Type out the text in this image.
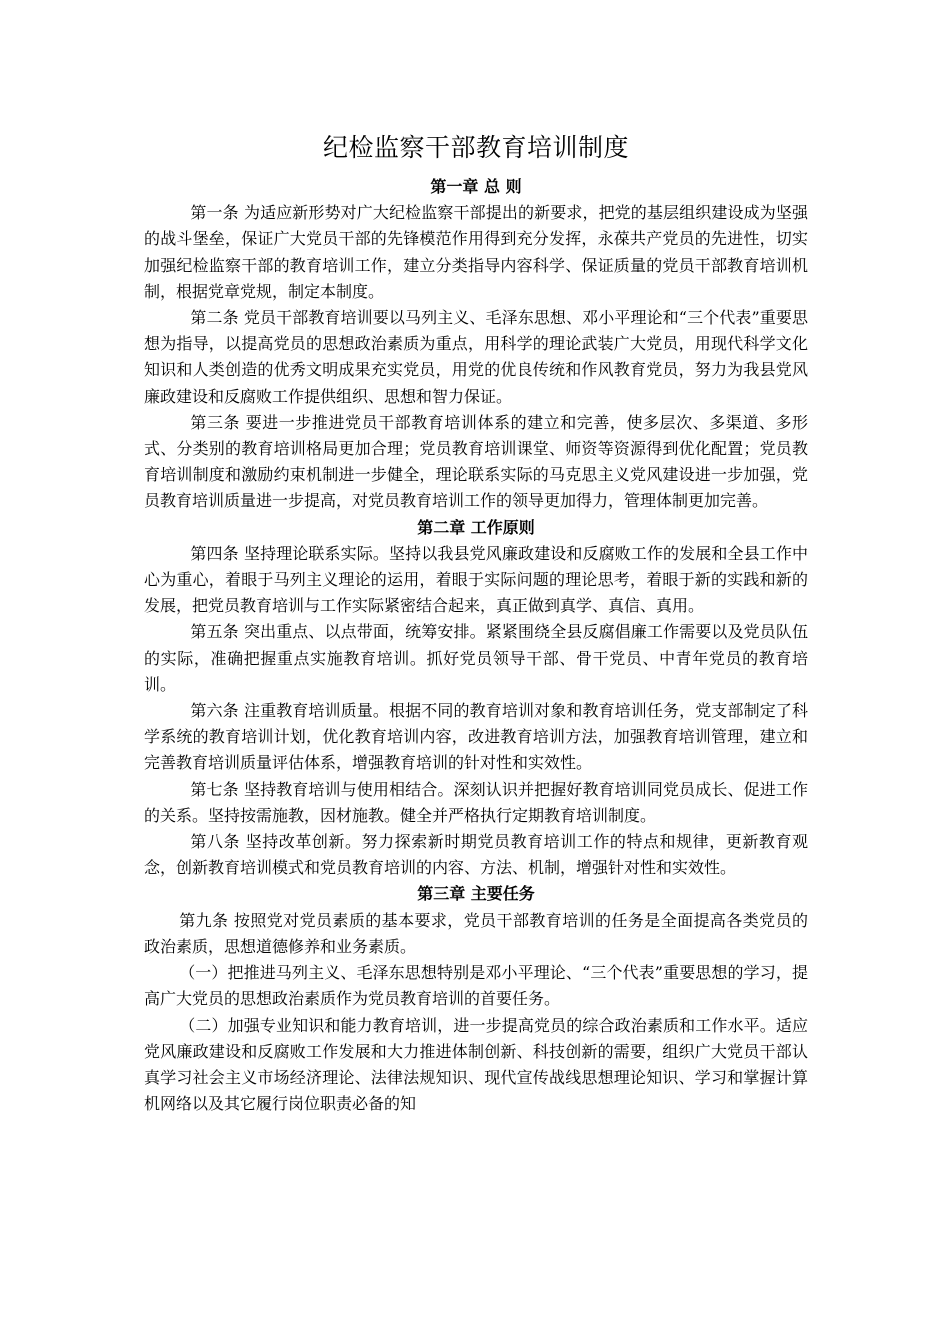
纪检监察干部教育培训制度
第一章 总 则

第一条 为适应新形势对广大纪检监察干部提出的新要求，把党的基层组织建设成为坚强的战斗堡垒，保证广大党员干部的先锋模范作用得到充分发挥，永葆共产党员的先进性，切实加强纪检监察干部的教育培训工作，建立分类指导内容科学、保证质量的党员干部教育培训机制，根据党章党规，制定本制度。

第二条 党员干部教育培训要以马列主义、毛泽东思想、邓小平理论和“三个代表”重要思想为指导，以提高党员的思想政治素质为重点，用科学的理论武装广大党员，用现代科学文化知识和人类创造的优秀文明成果充实党员，用党的优良传统和作风教育党员，努力为我县党风廉政建设和反腐败工作提供组织、思想和智力保证。

第三条 要进一步推进党员干部教育培训体系的建立和完善，使多层次、多渠道、多形式、分类别的教育培训格局更加合理；党员教育培训课堂、师资等资源得到优化配置；党员教育培训制度和激励约束机制进一步健全，理论联系实际的马克思主义党风建设进一步加强，党员教育培训质量进一步提高，对党员教育培训工作的领导更加得力，管理体制更加完善。

第二章 工作原则

第四条 坚持理论联系实际。坚持以我县党风廉政建设和反腐败工作的发展和全县工作中心为重心，着眼于马列主义理论的运用，着眼于实际问题的理论思考，着眼于新的实践和新的发展，把党员教育培训与工作实际紧密结合起来，真正做到真学、真信、真用。

第五条 突出重点、以点带面，统筹安排。紧紧围绕全县反腐倡廉工作需要以及党员队伍的实际，准确把握重点实施教育培训。抓好党员领导干部、骨干党员、中青年党员的教育培训。

第六条 注重教育培训质量。根据不同的教育培训对象和教育培训任务，党支部制定了科学系统的教育培训计划，优化教育培训内容，改进教育培训方法，加强教育培训管理，建立和完善教育培训质量评估体系，增强教育培训的针对性和实效性。

第七条 坚持教育培训与使用相结合。深刻认识并把握好教育培训同党员成长、促进工作的关系。坚持按需施教，因材施教。健全并严格执行定期教育培训制度。

第八条 坚持改革创新。努力探索新时期党员教育培训工作的特点和规律，更新教育观念，创新教育培训模式和党员教育培训的内容、方法、机制，增强针对性和实效性。

第三章 主要任务

第九条 按照党对党员素质的基本要求，党员干部教育培训的任务是全面提高各类党员的政治素质，思想道德修养和业务素质。

（一）把推进马列主义、毛泽东思想特别是邓小平理论、“三个代表”重要思想的学习，提高广大党员的思想政治素质作为党员教育培训的首要任务。

（二）加强专业知识和能力教育培训，进一步提高党员的综合政治素质和工作水平。适应党风廉政建设和反腐败工作发展和大力推进体制创新、科技创新的需要，组织广大党员干部认真学习社会主义市场经济理论、法律法规知识、现代宣传战线思想理论知识、学习和掌握计算机网络以及其它履行岗位职责必备的知
